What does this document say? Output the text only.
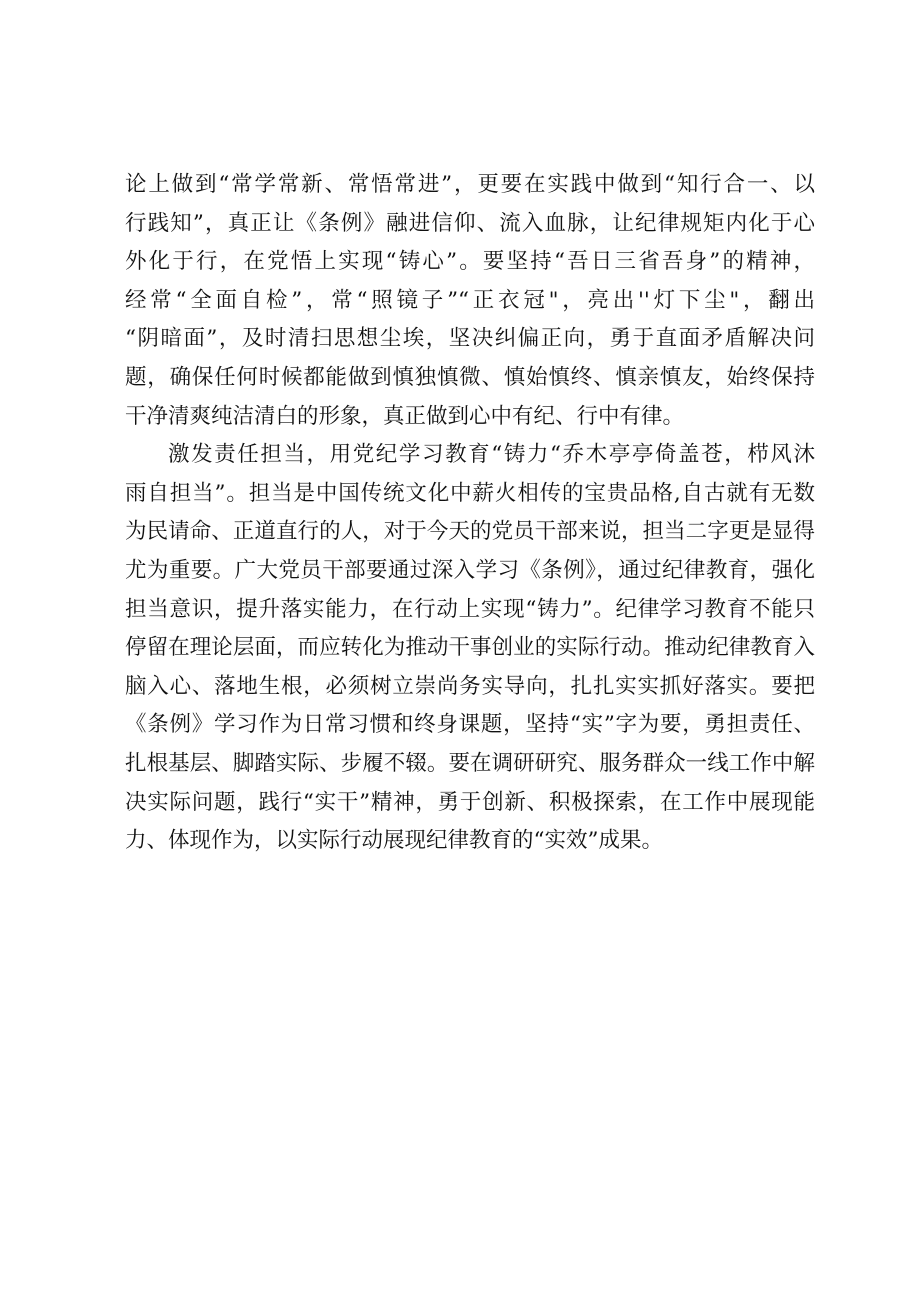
论上做到“常学常新、常悟常进”，更要在实践中做到“知行合一、以
行践知”，真正让《条例》融进信仰、流入血脉，让纪律规矩内化于心
外化于行，在党悟上实现“铸心”。要坚持“吾日三省吾身”的精神，
经常“全面自检”，常“照镜子”“正衣冠"，亮出''灯下尘"，翻出
“阴暗面”，及时清扫思想尘埃，坚决纠偏正向，勇于直面矛盾解决问
题，确保任何时候都能做到慎独慎微、慎始慎终、慎亲慎友，始终保持
干净清爽纯洁清白的形象，真正做到心中有纪、行中有律。
激发责任担当，用党纪学习教育“铸力“乔木亭亭倚盖苍，栉风沐
雨自担当”。担当是中国传统文化中薪火相传的宝贵品格,自古就有无数
为民请命、正道直行的人，对于今天的党员干部来说，担当二字更是显得
尤为重要。广大党员干部要通过深入学习《条例》，通过纪律教育，强化
担当意识，提升落实能力，在行动上实现“铸力”。纪律学习教育不能只
停留在理论层面，而应转化为推动干事创业的实际行动。推动纪律教育入
脑入心、落地生根，必须树立崇尚务实导向，扎扎实实抓好落实。要把
《条例》学习作为日常习惯和终身课题，坚持“实”字为要，勇担责任、
扎根基层、脚踏实际、步履不辍。要在调研研究、服务群众一线工作中解
决实际问题，践行“实干”精神，勇于创新、积极探索，在工作中展现能
力、体现作为，以实际行动展现纪律教育的“实效”成果。
